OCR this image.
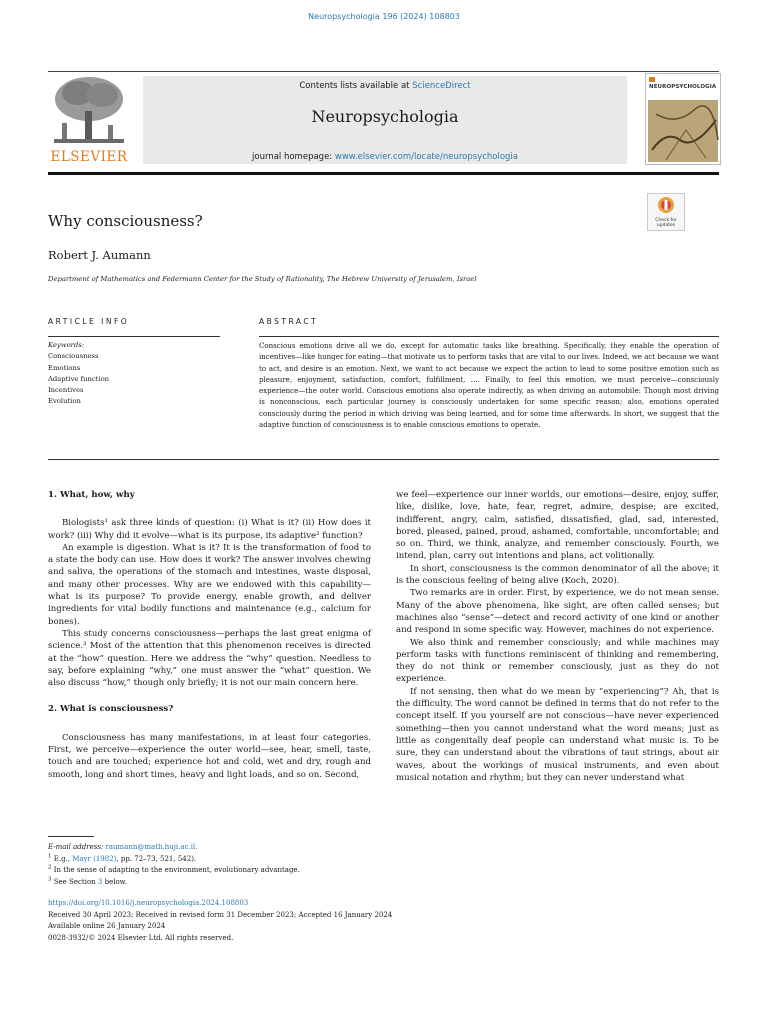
Neuropsychologia 196 (2024) 108803
ELSEVIER
Contents lists available at ScienceDirect
Neuropsychologia
journal homepage: www.elsevier.com/locate/neuropsychologia
NEUROPSYCHOLOGIA
Why consciousness?	Check for updates
Robert J. Aumann
Department of Mathematics and Federmann Center for the Study of Rationality, The Hebrew University of Jerusalem, Israel
ARTICLE INFO	ABSTRACT
Keywords:
Consciousness
Emotions
Adaptive function
Incentives
Evolution
Conscious emotions drive all we do, except for automatic tasks like breathing. Specifically, they enable the operation of incentives—like hunger for eating—that motivate us to perform tasks that are vital to our lives. Indeed, we act because we want to act, and desire is an emotion. Next, we want to act because we expect the action to lead to some positive emotion such as pleasure, enjoyment, satisfaction, comfort, fulfillment, …. Finally, to feel this emotion, we must perceive—consciously experience—the outer world. Conscious emotions also operate indirectly, as when driving an automobile: Though most driving is nonconscious, each particular journey is consciously undertaken for some specific reason; also, emotions operated consciously during the period in which driving was being learned, and for some time afterwards. In short, we suggest that the adaptive function of consciousness is to enable conscious emotions to operate.
1. What, how, why

Biologists¹ ask three kinds of question: (i) What is it? (ii) How does it work? (iii) Why did it evolve—what is its purpose, its adaptive² function?

An example is digestion. What is it? It is the transformation of food to a state the body can use. How does it work? The answer involves chewing and saliva, the operations of the stomach and intestines, waste disposal, and many other processes. Why are we endowed with this capability—what is its purpose? To provide energy, enable growth, and deliver ingredients for vital bodily functions and maintenance (e.g., calcium for bones).

This study concerns consciousness—perhaps the last great enigma of science.³ Most of the attention that this phenomenon receives is directed at the “how” question. Here we address the “why” question. Needless to say, before explaining “why,” one must answer the “what” question. We also discuss “how,” though only briefly; it is not our main concern here.

2. What is consciousness?

Consciousness has many manifestations, in at least four categories. First, we perceive—experience the outer world—see, hear, smell, taste, touch and are touched; experience hot and cold, wet and dry, rough and smooth, long and short times, heavy and light loads, and so on. Second,

we feel—experience our inner worlds, our emotions—desire, enjoy, suffer, like, dislike, love, hate, fear, regret, admire, despise; are excited, indifferent, angry, calm, satisfied, dissatisfied, glad, sad, interested, bored, pleased, pained, proud, ashamed, comfortable, uncomfortable; and so on. Third, we think, analyze, and remember consciously. Fourth, we intend, plan, carry out intentions and plans, act volitionally.

In short, consciousness is the common denominator of all the above; it is the conscious feeling of being alive (Koch, 2020).

Two remarks are in order. First, by experience, we do not mean sense. Many of the above phenomena, like sight, are often called senses; but machines also “sense”—detect and record activity of one kind or another and respond in some specific way. However, machines do not experience.

We also think and remember consciously; and while machines may perform tasks with functions reminiscent of thinking and remembering, they do not think or remember consciously, just as they do not experience.

If not sensing, then what do we mean by “experiencing”? Ah, that is the difficulty. The word cannot be defined in terms that do not refer to the concept itself. If you yourself are not conscious—have never experienced something—then you cannot understand what the word means; just as little as congenitally deaf people can understand what music is. To be sure, they can understand about the vibrations of taut strings, about air waves, about the workings of musical instruments, and even about musical notation and rhythm; but they can never understand what

E-mail address: raumann@math.huji.ac.il.
$^1$ E.g., Mayr (1982), pp. 72–73, 521, 542).
$^2$ In the sense of adapting to the environment, evolutionary advantage.
$^3$ See Section 3 below.
https://doi.org/10.1016/j.neuropsychologia.2024.108803
Received 30 April 2023; Received in revised form 31 December 2023; Accepted 16 January 2024
Available online 26 January 2024
0028-3932/© 2024 Elsevier Ltd. All rights reserved.
